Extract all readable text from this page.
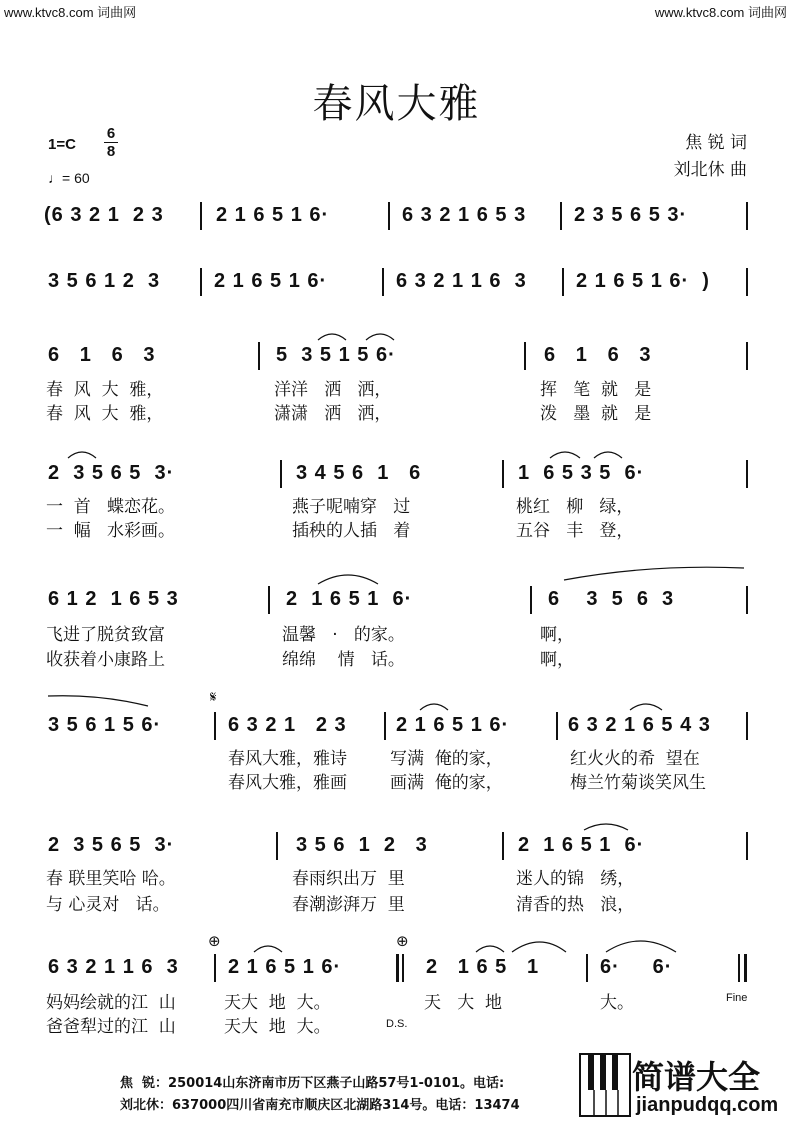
www.ktvc8.com 词曲网	www.ktvc8.com 词曲网
春风大雅
1=C
6
8
♩= 60
焦 锐 词
刘北休 曲
(6 3 2 1  2 3	2 1 6 5 1 6·	6 3 2 1 6 5 3 2 3 5 6 5 3·
3 5 6 1 2  3	2 1 6 5 1 6·	6 3 2 1 1 6  3 2 1 6 5 1 6·  )
6   1   6   3	5  3 5 1 5 6·	6   1   6   3
春  风  大  雅，	洋洋   洒   洒，	挥   笔  就   是
春  风  大  雅，	潇潇   洒   洒，	泼   墨  就   是
2  3 5 6 5  3·	3 4 5 6  1   6	1  6 5 3 5  6·
一  首   蝶恋花。	燕子呢喃穿   过	桃红   柳   绿，
一  幅   水彩画。	插秧的人插   着	五谷   丰   登，
6 1 2  1 6 5 3	2  1 6 5 1  6·	6    3  5  6  3
飞进了脱贫致富	温馨   ·   的家。	啊，
收获着小康路上	绵绵    情   话。	啊，
3 5 6 1 5 6·
𝄋
6 3 2 1   2 3 2 1 6 5 1 6·	6 3 2 1 6 5 4 3
春风大雅，雅诗	写满  俺的家，	红火火的希  望在
春风大雅，雅画	画满  俺的家，	梅兰竹菊谈笑风生
2  3 5 6 5  3·	3 5 6  1  2   3	2  1 6 5 1  6·
春 联里笑哈 哈。	春雨织出万  里	迷人的锦   绣，
与 心灵对   话。	春潮澎湃万  里	清香的热   浪，
6 3 2 1 1 6  3
⊕
2 1 6 5 1 6·
⊕
2   1 6 5   1	6·     6·
妈妈绘就的江  山	天大  地  大。	天   大  地	大。	Fine
爸爸犁过的江  山	天大  地  大。	D.S.
焦  锐：250014山东济南市历下区燕子山路57号1-0101。电话:
刘北休：637000四川省南充市顺庆区北湖路314号。电话：13474
简谱大全
jianpudqq.com
